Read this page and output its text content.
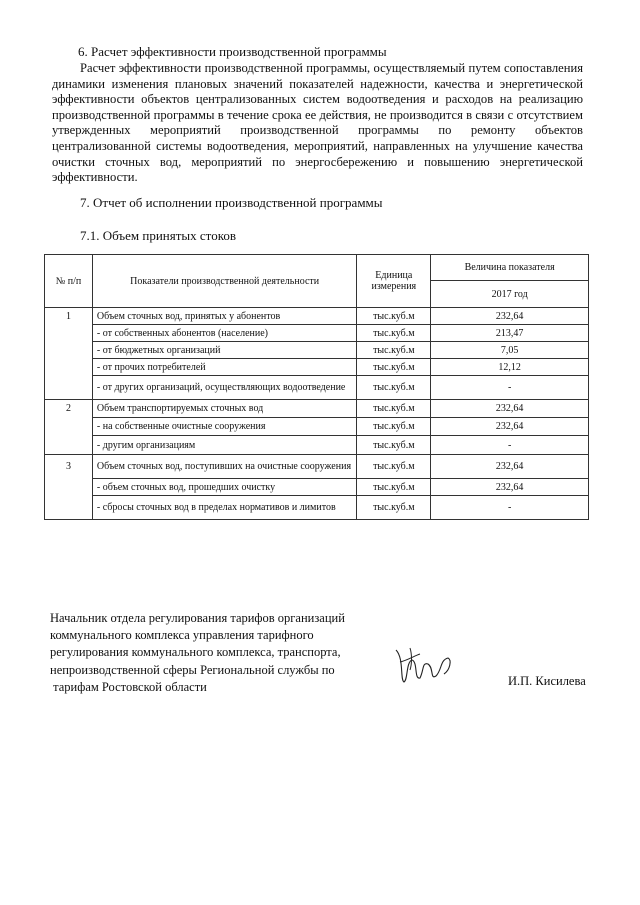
6. Расчет эффективности производственной программы
Расчет эффективности производственной программы, осуществляемый путем сопоставления динамики изменения плановых значений показателей надежности, качества и энергетической эффективности объектов централизованных систем водоотведения и расходов на реализацию производственной программы в течение срока ее действия, не производится в связи с отсутствием утвержденных мероприятий производственной программы по ремонту объектов централизованной системы водоотведения, мероприятий, направленных на улучшение качества очистки сточных вод, мероприятий по энергосбережению и повышению энергетической эффективности.
7. Отчет об исполнении производственной программы
7.1. Объем принятых стоков
№ п/п	Показатели производственной деятельности	Единица измерения	Величина показателя
			2017 год
1	Объем сточных вод, принятых у абонентов	тыс.куб.м	232,64
	- от собственных абонентов (население)	тыс.куб.м	213,47
	- от бюджетных организаций	тыс.куб.м	7,05
	- от прочих потребителей	тыс.куб.м	12,12
	- от других организаций, осуществляющих водоотведение	тыс.куб.м	-
2	Объем транспортируемых сточных вод	тыс.куб.м	232,64
	- на собственные очистные сооружения	тыс.куб.м	232,64
	- другим организациям	тыс.куб.м	-
3	Объем сточных вод, поступивших на очистные сооружения	тыс.куб.м	232,64
	- объем сточных вод, прошедших очистку	тыс.куб.м	232,64
	- сбросы сточных вод в пределах нормативов и лимитов	тыс.куб.м	-
Начальник отдела регулирования тарифов организаций
коммунального комплекса управления тарифного
регулирования коммунального комплекса, транспорта,
непроизводственной сферы Региональной службы по
тарифам Ростовской области	И.П. Кисилева
